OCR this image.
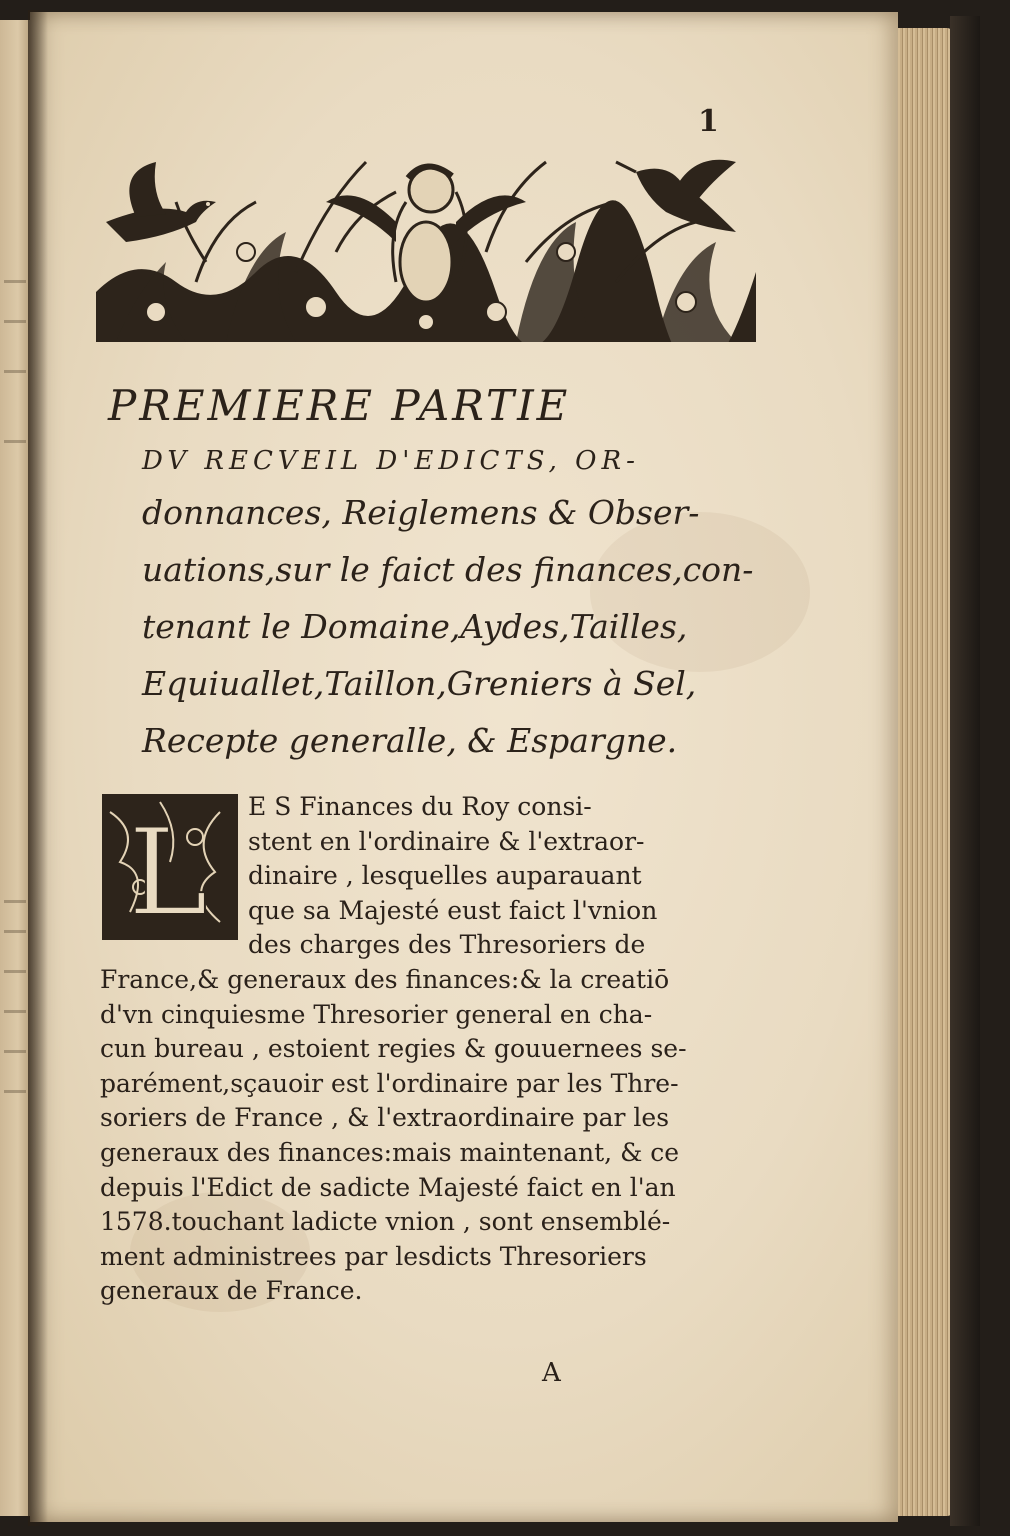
1
PREMIERE PARTIE
DV RECVEIL D'EDICTS, OR-
donnances, Reiglemens & Obser-
uations,sur le faict des finances,con-
tenant le Domaine,Aydes,Tailles,
Equiuallet,Taillon,Greniers à Sel,
Recepte generalle, & Espargne.
L	E S Finances du Roy consi-
stent en l'ordinaire & l'extraor-
dinaire , lesquelles auparauant
que sa Majesté eust faict l'vnion
des charges des Thresoriers de
France,& generaux des finances:& la creatiō
d'vn cinquiesme Thresorier general en cha-
cun bureau , estoient regies & gouuernees se-
parément,sçauoir est l'ordinaire par les Thre-
soriers de France , & l'extraordinaire par les
generaux des finances:mais maintenant, & ce
depuis l'Edict de sadicte Majesté faict en l'an
1578.touchant ladicte vnion , sont ensemblé-
ment administrees par lesdicts Thresoriers
generaux de France.
A
